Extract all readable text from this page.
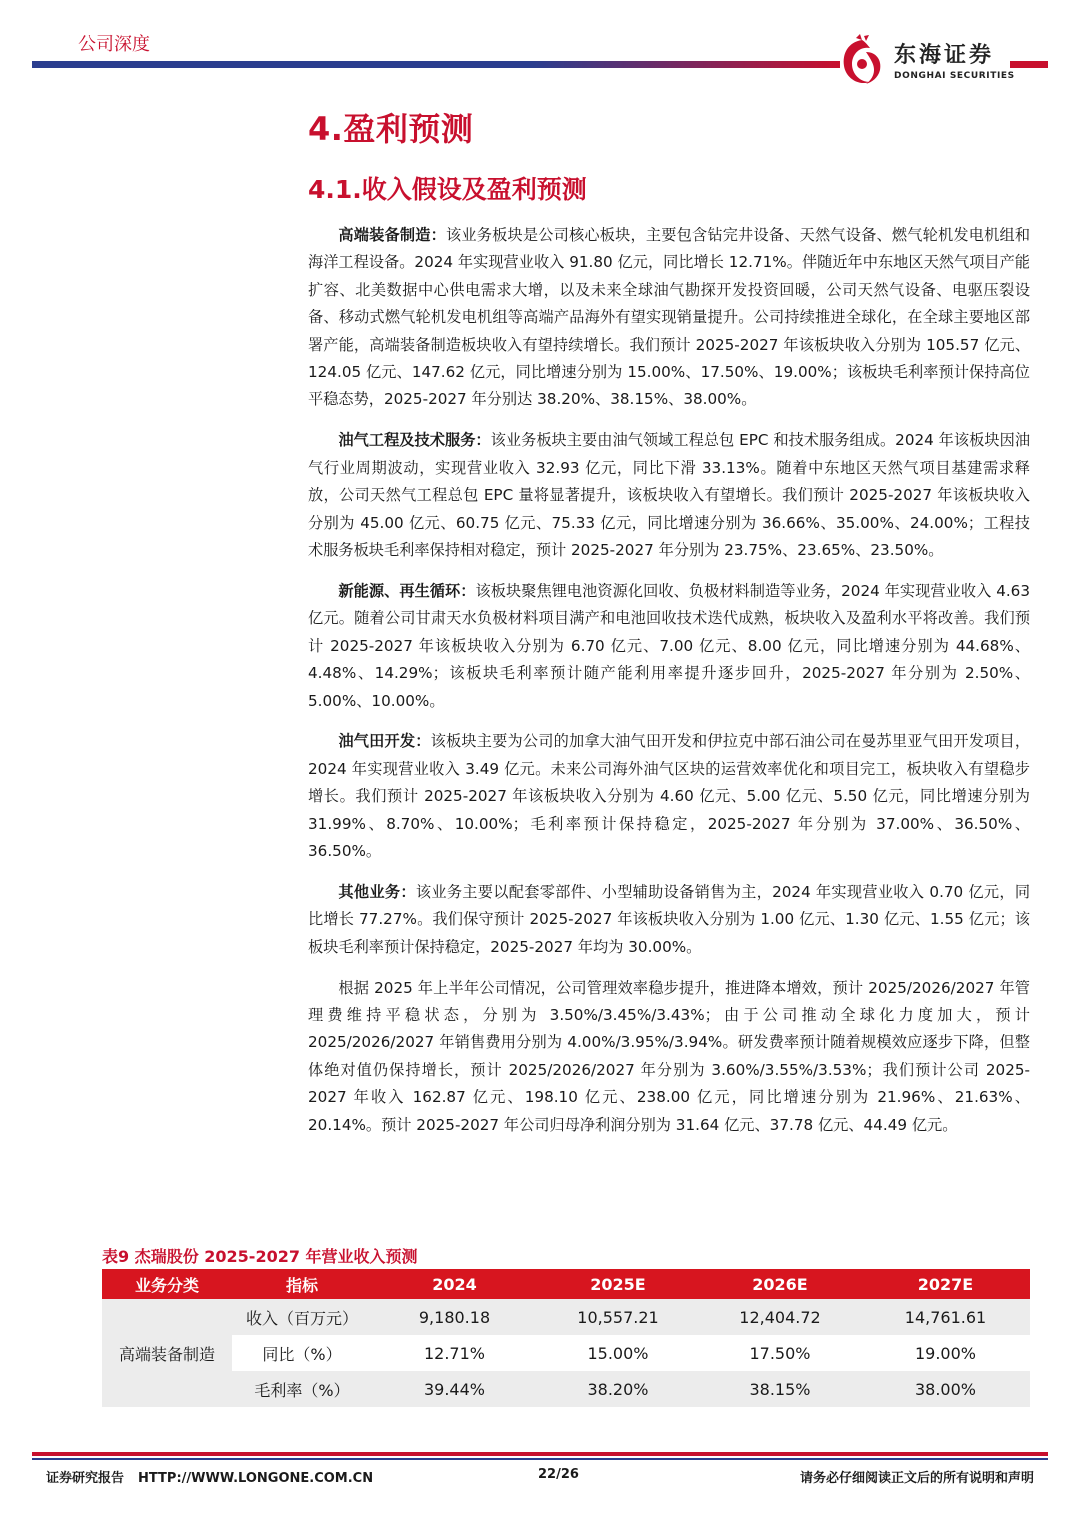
公司深度	东海证券
DONGHAI SECURITIES
4.盈利预测
4.1.收入假设及盈利预测

高端装备制造：该业务板块是公司核心板块，主要包含钻完井设备、天然气设备、燃气轮机发电机组和海洋工程设备。2024 年实现营业收入 91.80 亿元，同比增长 12.71%。伴随近年中东地区天然气项目产能扩容、北美数据中心供电需求大增，以及未来全球油气勘探开发投资回暖，公司天然气设备、电驱压裂设备、移动式燃气轮机发电机组等高端产品海外有望实现销量提升。公司持续推进全球化，在全球主要地区部署产能，高端装备制造板块收入有望持续增长。我们预计 2025-2027 年该板块收入分别为 105.57 亿元、124.05 亿元、147.62 亿元，同比增速分别为 15.00%、17.50%、19.00%；该板块毛利率预计保持高位平稳态势，2025-2027 年分别达 38.20%、38.15%、38.00%。

油气工程及技术服务：该业务板块主要由油气领域工程总包 EPC 和技术服务组成。2024 年该板块因油气行业周期波动，实现营业收入 32.93 亿元，同比下滑 33.13%。随着中东地区天然气项目基建需求释放，公司天然气工程总包 EPC 量将显著提升，该板块收入有望增长。我们预计 2025-2027 年该板块收入分别为 45.00 亿元、60.75 亿元、75.33 亿元，同比增速分别为 36.66%、35.00%、24.00%；工程技术服务板块毛利率保持相对稳定，预计 2025-2027 年分别为 23.75%、23.65%、23.50%。

新能源、再生循环：该板块聚焦锂电池资源化回收、负极材料制造等业务，2024 年实现营业收入 4.63 亿元。随着公司甘肃天水负极材料项目满产和电池回收技术迭代成熟，板块收入及盈利水平将改善。我们预计 2025-2027 年该板块收入分别为 6.70 亿元、7.00 亿元、8.00 亿元，同比增速分别为 44.68%、4.48%、14.29%；该板块毛利率预计随产能利用率提升逐步回升，2025-2027 年分别为 2.50%、5.00%、10.00%。

油气田开发：该板块主要为公司的加拿大油气田开发和伊拉克中部石油公司在曼苏里亚气田开发项目，2024 年实现营业收入 3.49 亿元。未来公司海外油气区块的运营效率优化和项目完工，板块收入有望稳步增长。我们预计 2025-2027 年该板块收入分别为 4.60 亿元、5.00 亿元、5.50 亿元，同比增速分别为 31.99%、8.70%、10.00%；毛利率预计保持稳定，2025-2027 年分别为 37.00%、36.50%、36.50%。

其他业务：该业务主要以配套零部件、小型辅助设备销售为主，2024 年实现营业收入 0.70 亿元，同比增长 77.27%。我们保守预计 2025-2027 年该板块收入分别为 1.00 亿元、1.30 亿元、1.55 亿元；该板块毛利率预计保持稳定，2025-2027 年均为 30.00%。

根据 2025 年上半年公司情况，公司管理效率稳步提升，推进降本增效，预计 2025/2026/2027 年管理费维持平稳状态，分别为 3.50%/3.45%/3.43%；由于公司推动全球化力度加大，预计 2025/2026/2027 年销售费用分别为 4.00%/3.95%/3.94%。研发费率预计随着规模效应逐步下降，但整体绝对值仍保持增长，预计 2025/2026/2027 年分别为 3.60%/3.55%/3.53%；我们预计公司 2025-2027 年收入 162.87 亿元、198.10 亿元、238.00 亿元，同比增速分别为 21.96%、21.63%、20.14%。预计 2025-2027 年公司归母净利润分别为 31.64 亿元、37.78 亿元、44.49 亿元。

表9 杰瑞股份 2025-2027 年营业收入预测
业务分类	指标	2024	2025E	2026E	2027E
高端装备制造	收入（百万元）	9,180.18	10,557.21	12,404.72	14,761.61
	同比（%）	12.71%	15.00%	17.50%	19.00%
	毛利率（%）	39.44%	38.20%	38.15%	38.00%
证券研究报告 HTTP://WWW.LONGONE.COM.CN	22/26	请务必仔细阅读正文后的所有说明和声明
